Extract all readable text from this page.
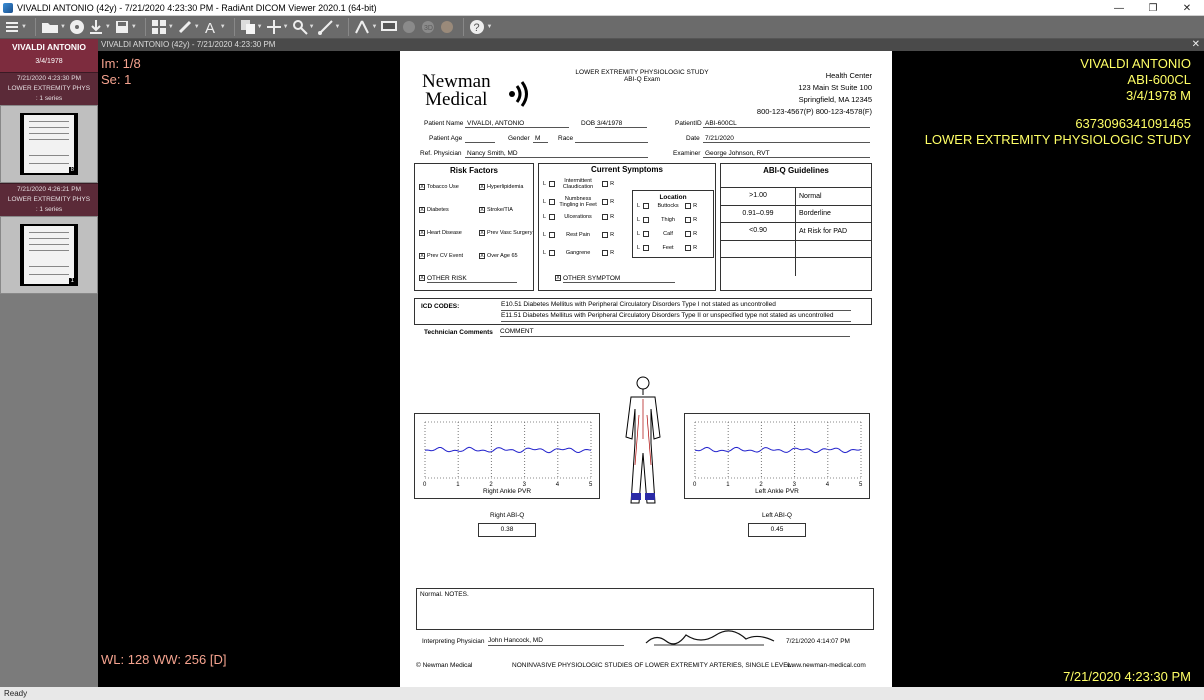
VIVALDI ANTONIO (42y) - 7/21/2020 4:23:30 PM - RadiAnt DICOM Viewer 2020.1 (64-bit)	—	❐	✕
▼	▼	▼	▼	▼	▼ A ▼	▼	▼	▼	▼	▼	3D	? ▼
VIVALDI ANTONIO
3/4/1978
7/21/2020 4:23:30 PM
LOWER EXTREMITY PHYS
: 1 series
8
7/21/2020 4:26:21 PM
LOWER EXTREMITY PHYS
: 1 series
1
VIVALDI ANTONIO (42y) - 7/21/2020 4:23:30 PM	✕
Im: 1/8
Se: 1
WL: 128 WW: 256 [D]
VIVALDI ANTONIO
ABI-600CL
3/4/1978 M
6373096341091465
LOWER EXTREMITY PHYSIOLOGIC STUDY
7/21/2020 4:23:30 PM
Newman
Medical
LOWER EXTREMITY PHYSIOLOGIC STUDY
ABI-Q Exam	Health Center
123 Main St Suite 100
Springfield, MA 12345
800-123-4567(P) 800-123-4578(F)
Patient Name VIVALDI, ANTONIO	DOB 3/4/1978	PatientID ABI-600CL
Patient Age	Gender M	Race	Date 7/21/2020
Ref. Physician Nancy Smith, MD	Examiner George Johnson, RVT
Risk Factors
X Tobacco Use	X Hyperlipidemia
X Diabetes	X Stroke/TIA
X Heart Disease	X Prev Vasc Surgery
X Prev CV Event	X Over Age 65
X OTHER RISK
Current Symptoms
L	Intermittent Claudication	R
L	Numbness Tingling in Feet	R
L	Ulcerations	R
L	Rest Pain	R
L	Gangrene	R
Location
L	Buttocks	R
L	Thigh	R
L	Calf	R
L	Feet	R
X OTHER SYMPTOM
ABI-Q Guidelines
>1.00	Normal
0.91–0.99	Borderline
<0.90	At Risk for PAD
ICD CODES:	E10.51 Diabetes Mellitus with Peripheral Circulatory Disorders Type I not stated as uncontrolled
E11.51 Diabetes Mellitus with Peripheral Circulatory Disorders Type II or unspecified type not stated as uncontrolled
Technician Comments COMMENT
0	1	2	3	4	5
Right Ankle PVR
0	1	2	3	4	5
Left Ankle PVR
Right ABI-Q
0.38
Left ABI-Q
0.45
Normal. NOTES.
Interpreting Physician John Hancock, MD	7/21/2020 4:14:07 PM
© Newman Medical	NONINVASIVE PHYSIOLOGIC STUDIES OF LOWER EXTREMITY ARTERIES, SINGLE LEVEL.
www.newman-medical.com
Ready
